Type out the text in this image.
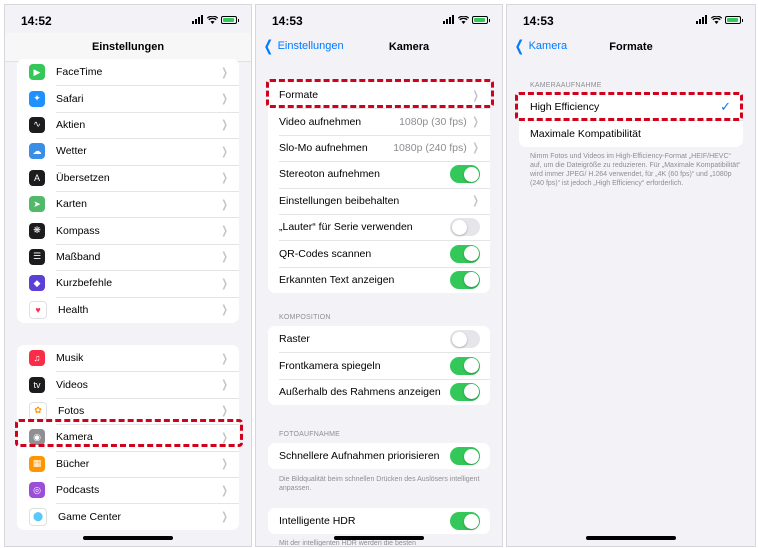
Einstellungen
14:52
▶	FaceTime	❯
✦	Safari	❯
∿	Aktien	❯
☁	Wetter	❯
A	Übersetzen	❯
➤	Karten	❯
❋	Kompass	❯
☰	Maßband	❯
◆	Kurzbefehle	❯
♥ Health	❯
♫	Musik	❯
tv	Videos	❯
✿ Fotos	❯
◉	Kamera	❯
▦	Bücher	❯
◎	Podcasts	❯
⬤ Game Center	❯
14:53
❮ Einstellungen	Kamera
Formate	❯
Video aufnehmen	1080p (30 fps) ❯
Slo-Mo aufnehmen	1080p (240 fps) ❯
Stereoton aufnehmen
Einstellungen beibehalten	❯
„Lauter“ für Serie verwenden
QR-Codes scannen
Erkannten Text anzeigen
KOMPOSITION
Raster
Frontkamera spiegeln
Außerhalb des Rahmens anzeigen
FOTOAUFNAHME
Schnellere Aufnahmen priorisieren
Die Bildqualität beim schnellen Drücken des Auslösers intelligent anpassen.
Intelligente HDR
Mit der intelligenten HDR werden die besten
14:53
❮ Kamera	Formate
KAMERAAUFNAHME
High Efficiency	✓
Maximale Kompatibilität
Nimm Fotos und Videos im High-Efficiency-Format „HEIF/HEVC“ auf, um die Dateigröße zu reduzieren. Für „Maximale Kompatibilität“ wird immer JPEG/ H.264 verwendet, für „4K (60 fps)“ und „1080p (240 fps)“ ist jedoch „High Efficiency“ erforderlich.
